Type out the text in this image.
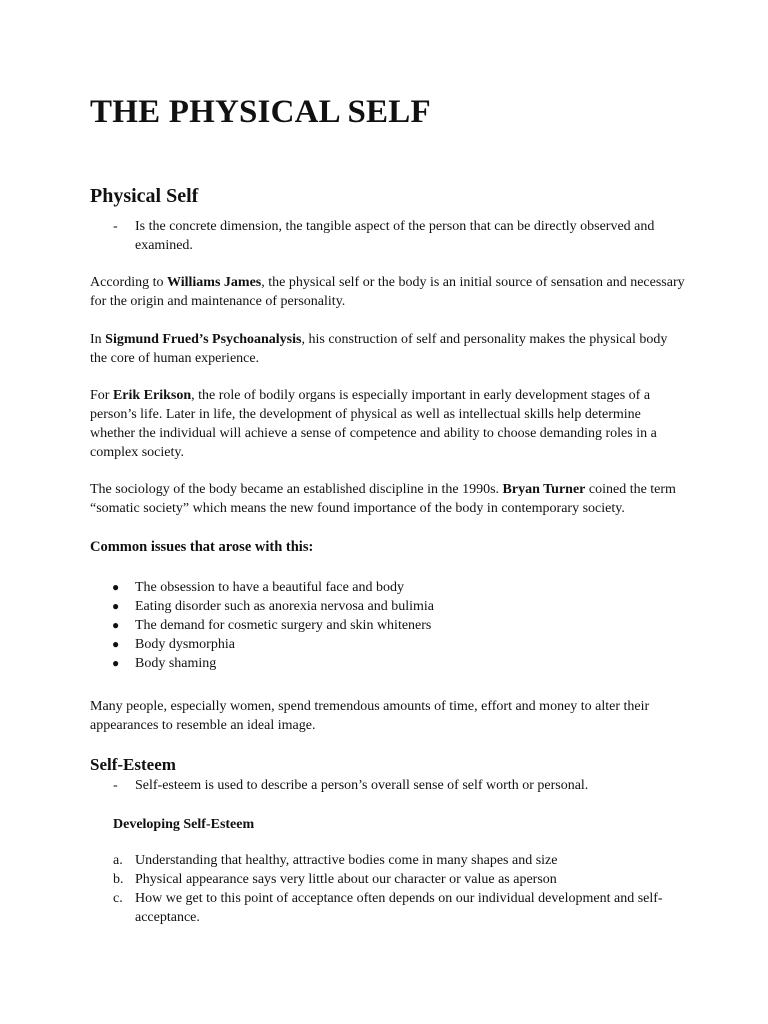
THE PHYSICAL SELF
Physical Self
- Is the concrete dimension, the tangible aspect of the person that can be directly observed and examined.

According to Williams James, the physical self or the body is an initial source of sensation and necessary for the origin and maintenance of personality.

In Sigmund Frued’s Psychoanalysis, his construction of self and personality makes the physical body the core of human experience.

For Erik Erikson, the role of bodily organs is especially important in early development stages of a person’s life. Later in life, the development of physical as well as intellectual skills help determine whether the individual will achieve a sense of competence and ability to choose demanding roles in a complex society.

The sociology of the body became an established discipline in the 1990s. Bryan Turner coined the term “somatic society” which means the new found importance of the body in contemporary society.

Common issues that arose with this:
● The obsession to have a beautiful face and body
● Eating disorder such as anorexia nervosa and bulimia
● The demand for cosmetic surgery and skin whiteners
● Body dysmorphia
● Body shaming

Many people, especially women, spend tremendous amounts of time, effort and money to alter their appearances to resemble an ideal image.

Self-Esteem
- Self-esteem is used to describe a person’s overall sense of self worth or personal.
Developing Self-Esteem
a. Understanding that healthy, attractive bodies come in many shapes and size
b. Physical appearance says very little about our character or value as aperson
c. How we get to this point of acceptance often depends on our individual development and self-acceptance.
